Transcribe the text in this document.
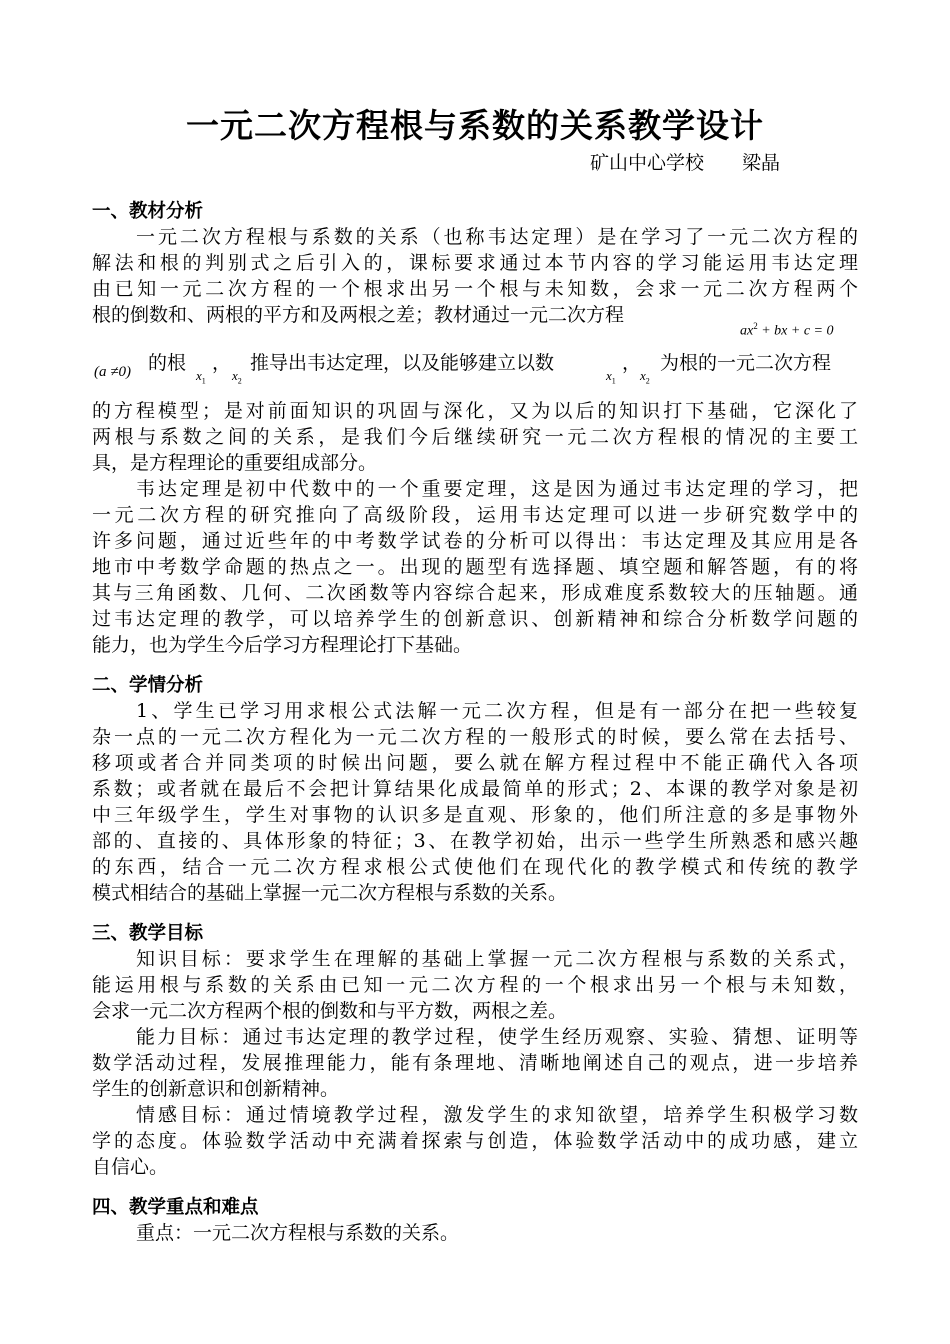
一元二次方程根与系数的关系教学设计
矿山中心学校　　梁晶
一、教材分析
一元二次方程根与系数的关系（也称韦达定理）是在学习了一元二次方程的
解法和根的判别式之后引入的，课标要求通过本节内容的学习能运用韦达定理
由已知一元二次方程的一个根求出另一个根与未知数，会求一元二次方程两个
根的倒数和、两根的平方和及两根之差；教材通过一元二次方程
$ax^2$ + bx + c = 0
(a ≠0) 的根
$x_1$
，
$x_2$
推导出韦达定理，以及能够建立以数
$x_1$
，
$x_2$
为根的一元二次方程
的方程模型；是对前面知识的巩固与深化，又为以后的知识打下基础，它深化了
两根与系数之间的关系，是我们今后继续研究一元二次方程根的情况的主要工
具，是方程理论的重要组成部分。
韦达定理是初中代数中的一个重要定理，这是因为通过韦达定理的学习，把
一元二次方程的研究推向了高级阶段，运用韦达定理可以进一步研究数学中的
许多问题，通过近些年的中考数学试卷的分析可以得出：韦达定理及其应用是各
地市中考数学命题的热点之一。出现的题型有选择题、填空题和解答题，有的将
其与三角函数、几何、二次函数等内容综合起来，形成难度系数较大的压轴题。通
过韦达定理的教学，可以培养学生的创新意识、创新精神和综合分析数学问题的
能力，也为学生今后学习方程理论打下基础。
二、学情分析
1、学生已学习用求根公式法解一元二次方程，但是有一部分在把一些较复
杂一点的一元二次方程化为一元二次方程的一般形式的时候，要么常在去括号、
移项或者合并同类项的时候出问题，要么就在解方程过程中不能正确代入各项
系数；或者就在最后不会把计算结果化成最简单的形式；2、本课的教学对象是初
中三年级学生，学生对事物的认识多是直观、形象的，他们所注意的多是事物外
部的、直接的、具体形象的特征；3、在教学初始，出示一些学生所熟悉和感兴趣
的东西，结合一元二次方程求根公式使他们在现代化的教学模式和传统的教学
模式相结合的基础上掌握一元二次方程根与系数的关系。
三、教学目标
知识目标：要求学生在理解的基础上掌握一元二次方程根与系数的关系式，
能运用根与系数的关系由已知一元二次方程的一个根求出另一个根与未知数，
会求一元二次方程两个根的倒数和与平方数，两根之差。
能力目标：通过韦达定理的教学过程，使学生经历观察、实验、猜想、证明等
数学活动过程，发展推理能力，能有条理地、清晰地阐述自己的观点，进一步培养
学生的创新意识和创新精神。
情感目标：通过情境教学过程，激发学生的求知欲望，培养学生积极学习数
学的态度。体验数学活动中充满着探索与创造，体验数学活动中的成功感，建立
自信心。
四、教学重点和难点
重点：一元二次方程根与系数的关系。
